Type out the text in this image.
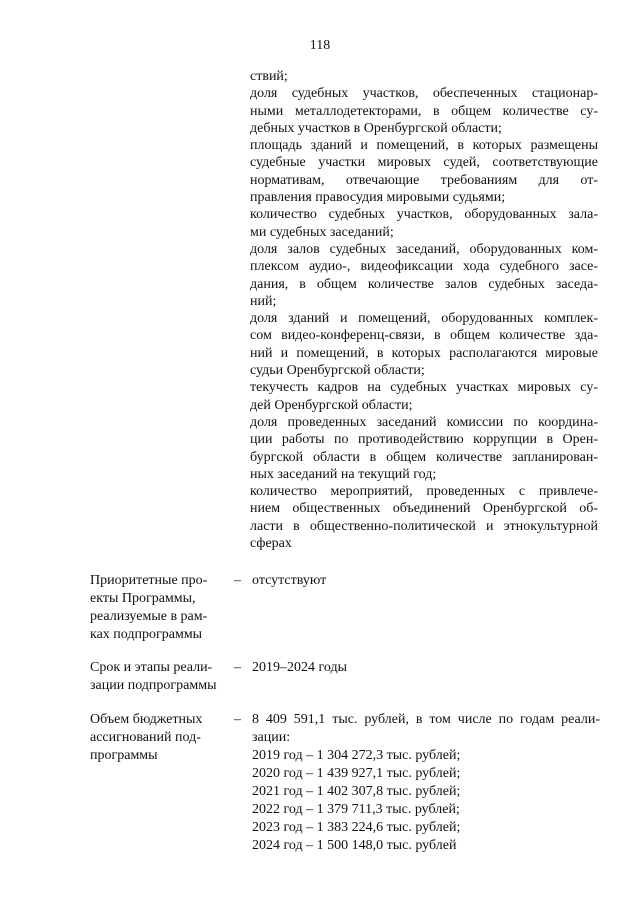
118
ствий;
доля судебных участков, обеспеченных стационар-
ными металлодетекторами, в общем количестве су-
дебных участков в Оренбургской области;
площадь зданий и помещений, в которых размещены
судебные участки мировых судей, соответствующие
нормативам, отвечающие требованиям для от-
правления правосудия мировыми судьями;
количество судебных участков, оборудованных зала-
ми судебных заседаний;
доля залов судебных заседаний, оборудованных ком-
плексом аудио-, видеофиксации хода судебного засе-
дания, в общем количестве залов судебных заседа-
ний;
доля зданий и помещений, оборудованных комплек-
сом видео-конференц-связи, в общем количестве зда-
ний и помещений, в которых располагаются мировые
судьи Оренбургской области;
текучесть кадров на судебных участках мировых су-
дей Оренбургской области;
доля проведенных заседаний комиссии по координа-
ции работы по противодействию коррупции в Орен-
бургской области в общем количестве запланирован-
ных заседаний на текущий год;
количество мероприятий, проведенных с привлече-
нием общественных объединений Оренбургской об-
ласти в общественно-политической и этнокультурной
сферах
Приоритетные про-
екты Программы,
реализуемые в рам-
ках подпрограммы
– отсутствуют
Срок и этапы реали-
зации подпрограммы
– 2019–2024 годы
Объем бюджетных
ассигнований под-
программы
– 8 409 591,1 тыс. рублей, в том числе по годам реали-
зации:
2019 год – 1 304 272,3 тыс. рублей;
2020 год – 1 439 927,1 тыс. рублей;
2021 год – 1 402 307,8 тыс. рублей;
2022 год – 1 379 711,3 тыс. рублей;
2023 год – 1 383 224,6 тыс. рублей;
2024 год – 1 500 148,0 тыс. рублей
